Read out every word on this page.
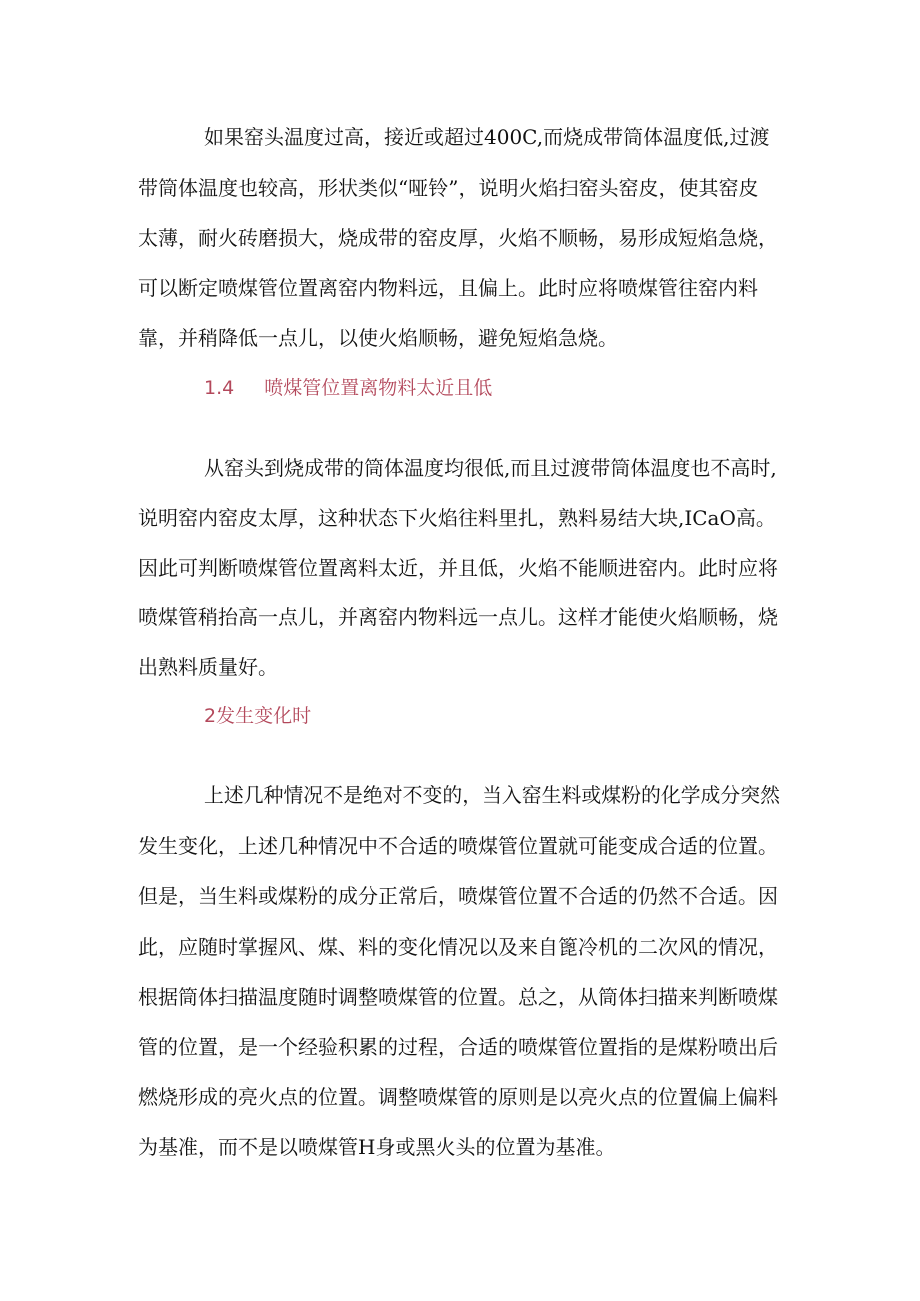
如果窑头温度过高，接近或超过400C,而烧成带筒体温度低,过渡
带筒体温度也较高，形状类似“哑铃”，说明火焰扫窑头窑皮，使其窑皮
太薄，耐火砖磨损大，烧成带的窑皮厚，火焰不顺畅，易形成短焰急烧，
可以断定喷煤管位置离窑内物料远，且偏上。此时应将喷煤管往窑内料
靠，并稍降低一点儿，以使火焰顺畅，避免短焰急烧。
1.4 喷煤管位置离物料太近且低
从窑头到烧成带的筒体温度均很低,而且过渡带筒体温度也不高时,
说明窑内窑皮太厚，这种状态下火焰往料里扎，熟料易结大块,ICaO高。
因此可判断喷煤管位置离料太近，并且低，火焰不能顺进窑内。此时应将
喷煤管稍抬高一点儿，并离窑内物料远一点儿。这样才能使火焰顺畅，烧
出熟料质量好。
2发生变化时
上述几种情况不是绝对不变的，当入窑生料或煤粉的化学成分突然
发生变化，上述几种情况中不合适的喷煤管位置就可能变成合适的位置。
但是，当生料或煤粉的成分正常后，喷煤管位置不合适的仍然不合适。因
此，应随时掌握风、煤、料的变化情况以及来自篦冷机的二次风的情况，
根据筒体扫描温度随时调整喷煤管的位置。总之，从筒体扫描来判断喷煤
管的位置，是一个经验积累的过程，合适的喷煤管位置指的是煤粉喷出后
燃烧形成的亮火点的位置。调整喷煤管的原则是以亮火点的位置偏上偏料
为基准，而不是以喷煤管H身或黑火头的位置为基准。
